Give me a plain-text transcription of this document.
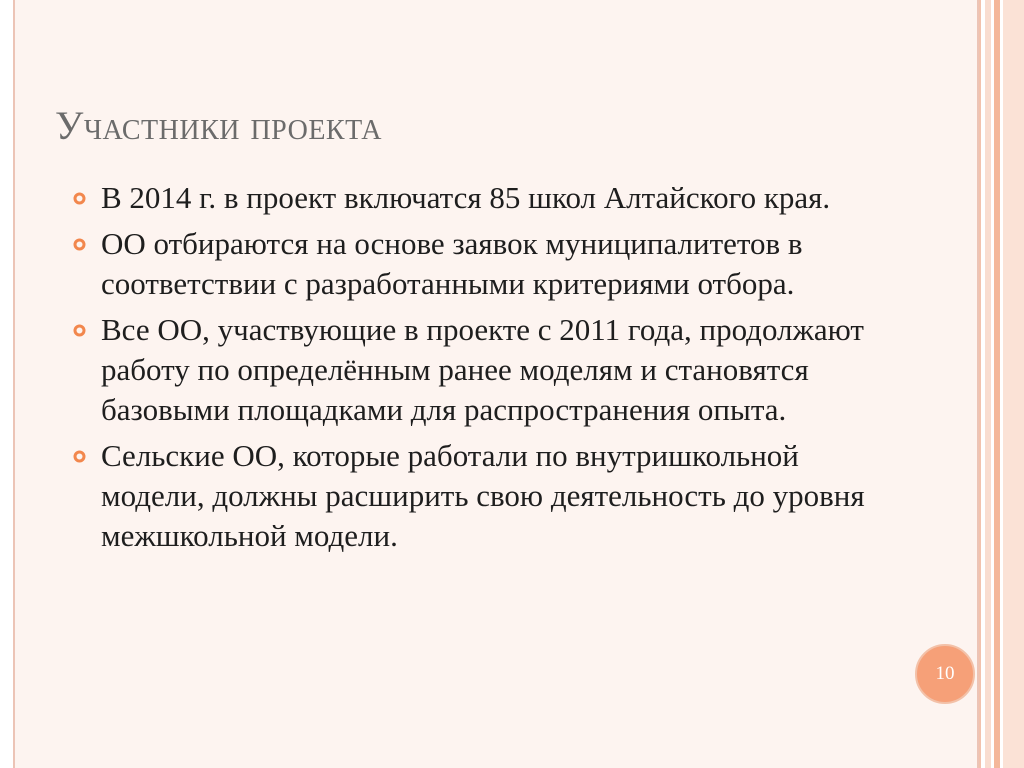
Участники проекта
В 2014 г. в проект включатся 85 школ Алтайского края.
ОО отбираются на основе заявок муниципалитетов в соответствии с разработанными критериями отбора.
Все ОО, участвующие в проекте с 2011 года, продолжают работу по определённым ранее моделям и становятся базовыми площадками для распространения опыта.
Сельские ОО, которые работали по внутришкольной модели, должны расширить свою деятельность до уровня межшкольной модели.
10
